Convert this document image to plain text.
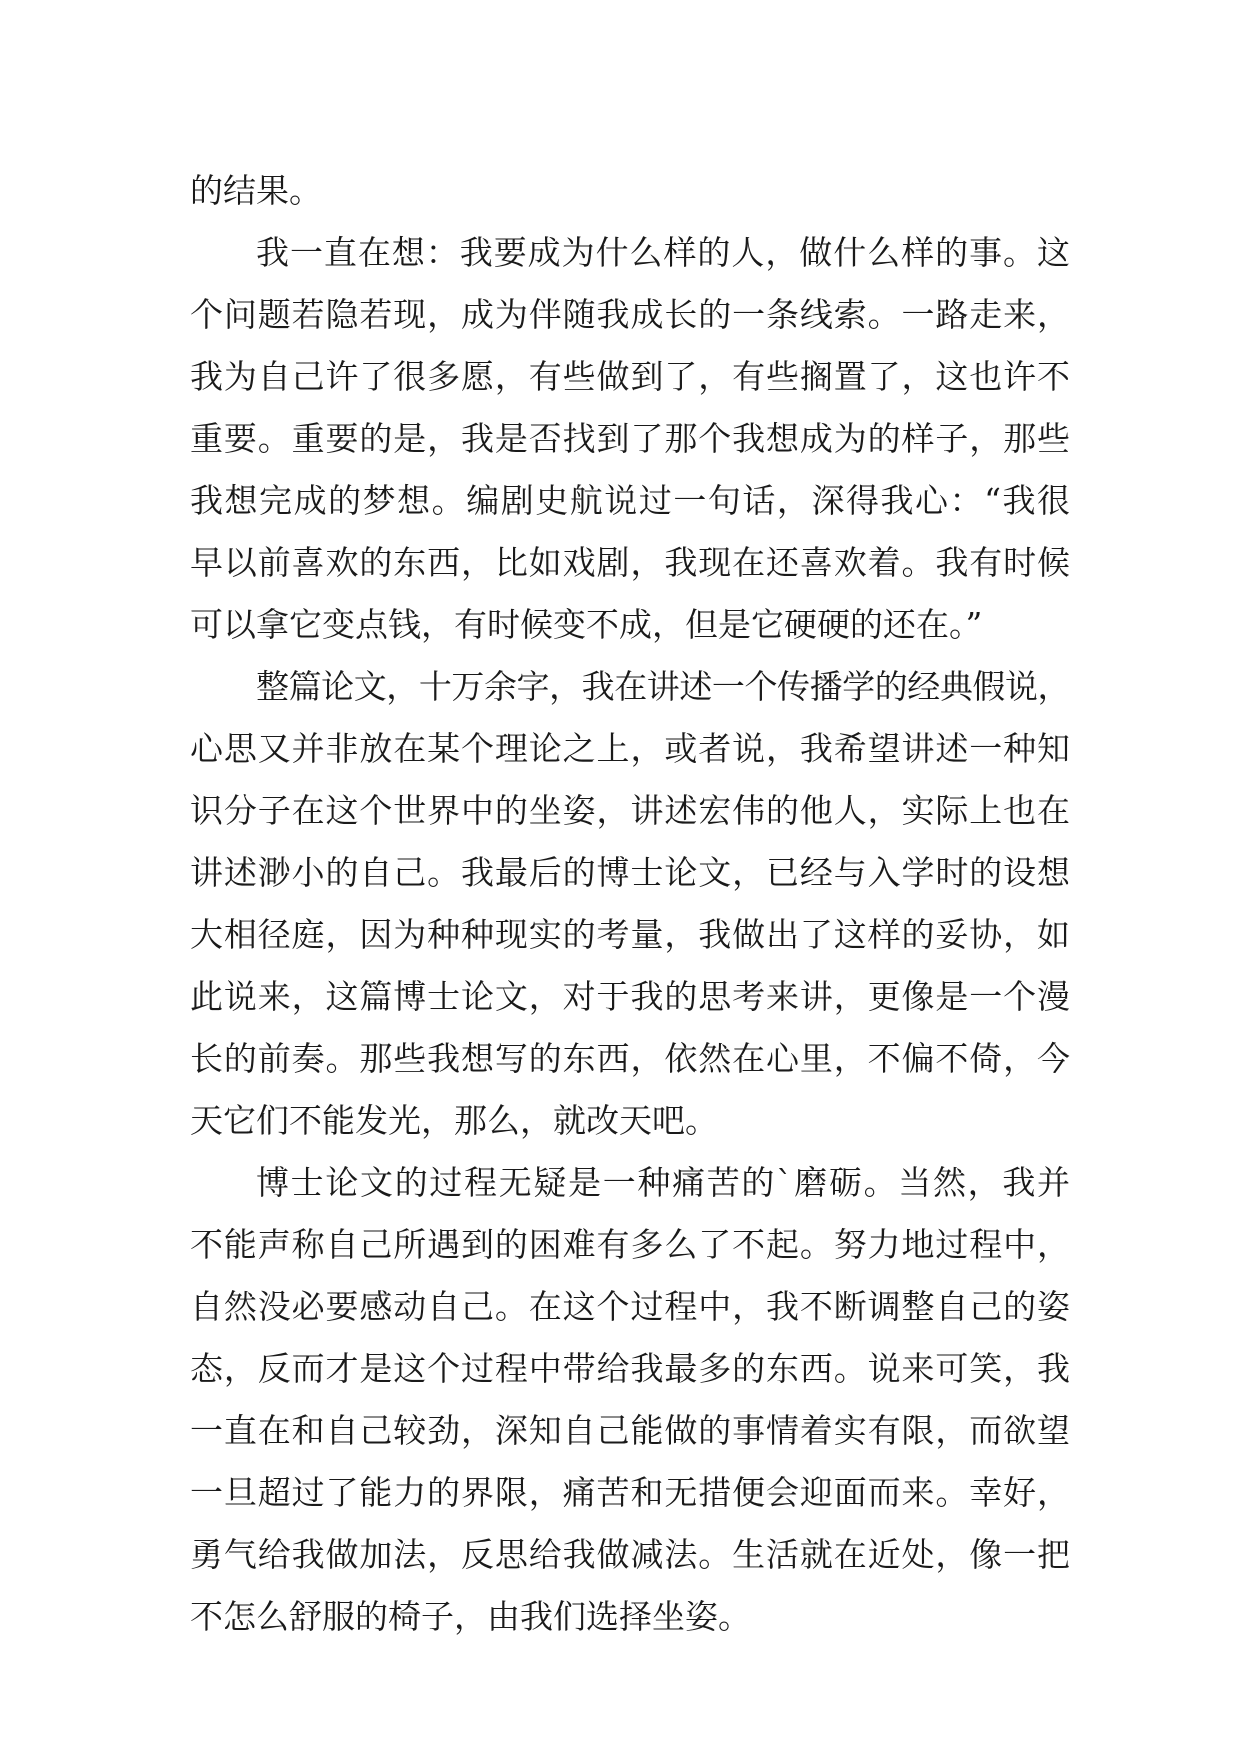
的结果。
我一直在想：我要成为什么样的人，做什么样的事。这
个问题若隐若现，成为伴随我成长的一条线索。一路走来，
我为自己许了很多愿，有些做到了，有些搁置了，这也许不
重要。重要的是，我是否找到了那个我想成为的样子，那些
我想完成的梦想。编剧史航说过一句话，深得我心：“我很
早以前喜欢的东西，比如戏剧，我现在还喜欢着。我有时候
可以拿它变点钱，有时候变不成，但是它硬硬的还在。”
整篇论文，十万余字，我在讲述一个传播学的经典假说，
心思又并非放在某个理论之上，或者说，我希望讲述一种知
识分子在这个世界中的坐姿，讲述宏伟的他人，实际上也在
讲述渺小的自己。我最后的博士论文，已经与入学时的设想
大相径庭，因为种种现实的考量，我做出了这样的妥协，如
此说来，这篇博士论文，对于我的思考来讲，更像是一个漫
长的前奏。那些我想写的东西，依然在心里，不偏不倚，今
天它们不能发光，那么，就改天吧。
博士论文的过程无疑是一种痛苦的`磨砺。当然，我并
不能声称自己所遇到的困难有多么了不起。努力地过程中，
自然没必要感动自己。在这个过程中，我不断调整自己的姿
态，反而才是这个过程中带给我最多的东西。说来可笑，我
一直在和自己较劲，深知自己能做的事情着实有限，而欲望
一旦超过了能力的界限，痛苦和无措便会迎面而来。幸好，
勇气给我做加法，反思给我做减法。生活就在近处，像一把
不怎么舒服的椅子，由我们选择坐姿。
